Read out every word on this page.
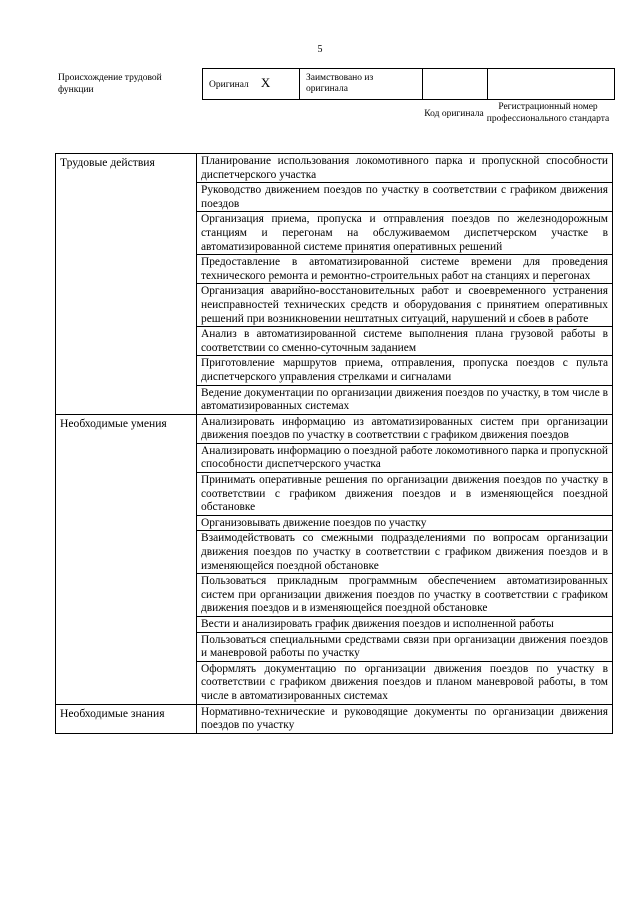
5
Происхождение трудовой функции	Оригинал X	Заимствовано из оригинала		
Код оригинала
Регистрационный номер профессионального стандарта
Трудовые действия	Планирование использования локомотивного парка и пропускной способности диспетчерского участка
	Руководство движением поездов по участку в соответствии с графиком движения поездов
	Организация приема, пропуска и отправления поездов по железнодорожным станциям и перегонам на обслуживаемом диспетчерском участке в автоматизированной системе принятия оперативных решений
	Предоставление в автоматизированной системе времени для проведения технического ремонта и ремонтно-строительных работ на станциях и перегонах
	Организация аварийно-восстановительных работ и своевременного устранения неисправностей технических средств и оборудования с принятием оперативных решений при возникновении нештатных ситуаций, нарушений и сбоев в работе
	Анализ в автоматизированной системе выполнения плана грузовой работы в соответствии со сменно-суточным заданием
	Приготовление маршрутов приема, отправления, пропуска поездов с пульта диспетчерского управления стрелками и сигналами
	Ведение документации по организации движения поездов по участку, в том числе в автоматизированных системах
Необходимые умения	Анализировать информацию из автоматизированных систем при организации движения поездов по участку в соответствии с графиком движения поездов
	Анализировать информацию о поездной работе локомотивного парка и пропускной способности диспетчерского участка
	Принимать оперативные решения по организации движения поездов по участку в соответствии с графиком движения поездов и в изменяющейся поездной обстановке
	Организовывать движение поездов по участку
	Взаимодействовать со смежными подразделениями по вопросам организации движения поездов по участку в соответствии с графиком движения поездов и в изменяющейся поездной обстановке
	Пользоваться прикладным программным обеспечением автоматизированных систем при организации движения поездов по участку в соответствии с графиком движения поездов и в изменяющейся поездной обстановке
	Вести и анализировать график движения поездов и исполненной работы
	Пользоваться специальными средствами связи при организации движения поездов и маневровой работы по участку
	Оформлять документацию по организации движения поездов по участку в соответствии с графиком движения поездов и планом маневровой работы, в том числе в автоматизированных системах
Необходимые знания	Нормативно-технические и руководящие документы по организации движения поездов по участку
